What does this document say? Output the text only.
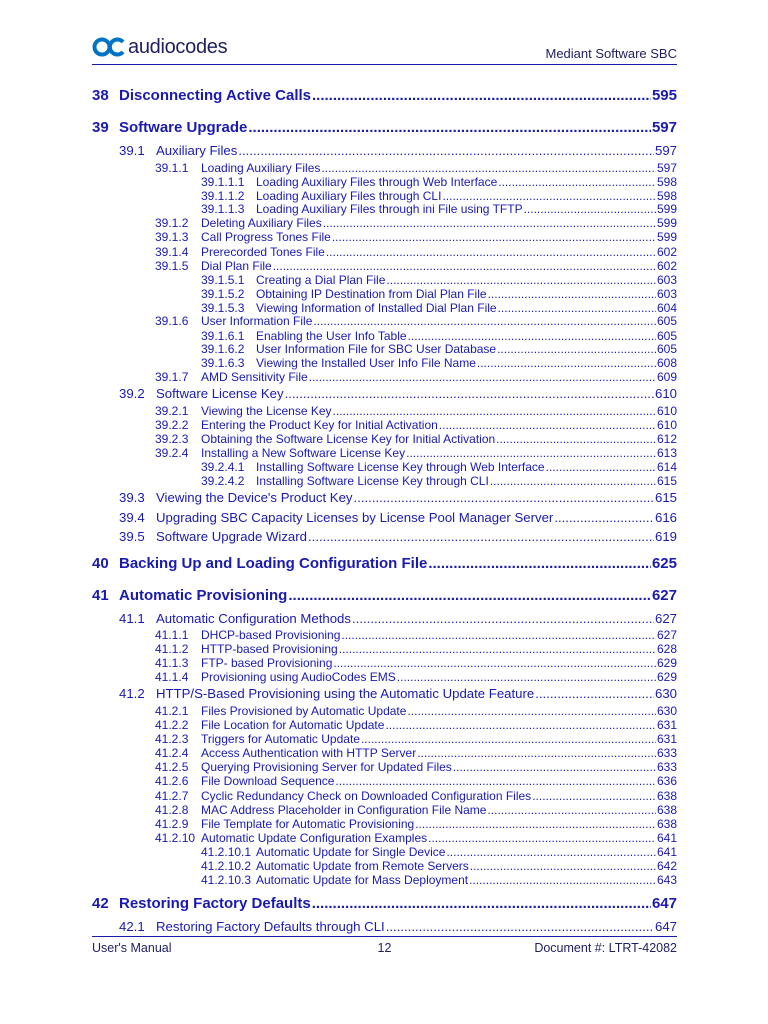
audiocodes	Mediant Software SBC
38 Disconnecting Active Calls .....	595
39 Software Upgrade .....	597
39.1 Auxiliary Files .....	597
39.1.1	Loading Auxiliary Files .....	597
39.1.1.1 Loading Auxiliary Files through Web Interface .....	598
39.1.1.2 Loading Auxiliary Files through CLI .....	598
39.1.1.3 Loading Auxiliary Files through ini File using TFTP .....	599
39.1.2	Deleting Auxiliary Files .....	599
39.1.3	Call Progress Tones File .....	599
39.1.4	Prerecorded Tones File .....	602
39.1.5	Dial Plan File .....	602
39.1.5.1 Creating a Dial Plan File .....	603
39.1.5.2 Obtaining IP Destination from Dial Plan File .....	603
39.1.5.3 Viewing Information of Installed Dial Plan File .....	604
39.1.6	User Information File .....	605
39.1.6.1 Enabling the User Info Table .....	605
39.1.6.2 User Information File for SBC User Database .....	605
39.1.6.3 Viewing the Installed User Info File Name .....	608
39.1.7	AMD Sensitivity File .....	609
39.2 Software License Key .....	610
39.2.1	Viewing the License Key .....	610
39.2.2	Entering the Product Key for Initial Activation .....	610
39.2.3	Obtaining the Software License Key for Initial Activation .....	612
39.2.4	Installing a New Software License Key .....	613
39.2.4.1 Installing Software License Key through Web Interface .....	614
39.2.4.2 Installing Software License Key through CLI .....	615
39.3 Viewing the Device's Product Key .....	615
39.4 Upgrading SBC Capacity Licenses by License Pool Manager Server .....	616
39.5 Software Upgrade Wizard .....	619
40 Backing Up and Loading Configuration File .....	625
41 Automatic Provisioning .....	627
41.1 Automatic Configuration Methods .....	627
41.1.1	DHCP-based Provisioning .....	627
41.1.2	HTTP-based Provisioning .....	628
41.1.3	FTP- based Provisioning .....	629
41.1.4	Provisioning using AudioCodes EMS .....	629
41.2 HTTP/S-Based Provisioning using the Automatic Update Feature .....	630
41.2.1	Files Provisioned by Automatic Update .....	630
41.2.2	File Location for Automatic Update .....	631
41.2.3	Triggers for Automatic Update .....	631
41.2.4	Access Authentication with HTTP Server .....	633
41.2.5	Querying Provisioning Server for Updated Files .....	633
41.2.6	File Download Sequence .....	636
41.2.7	Cyclic Redundancy Check on Downloaded Configuration Files .....	638
41.2.8	MAC Address Placeholder in Configuration File Name .....	638
41.2.9	File Template for Automatic Provisioning .....	638
41.2.10 Automatic Update Configuration Examples .....	641
41.2.10.1 Automatic Update for Single Device .....	641
41.2.10.2 Automatic Update from Remote Servers .....	642
41.2.10.3 Automatic Update for Mass Deployment .....	643
42 Restoring Factory Defaults .....	647
42.1 Restoring Factory Defaults through CLI .....	647
User's Manual	12	Document #: LTRT-42082
